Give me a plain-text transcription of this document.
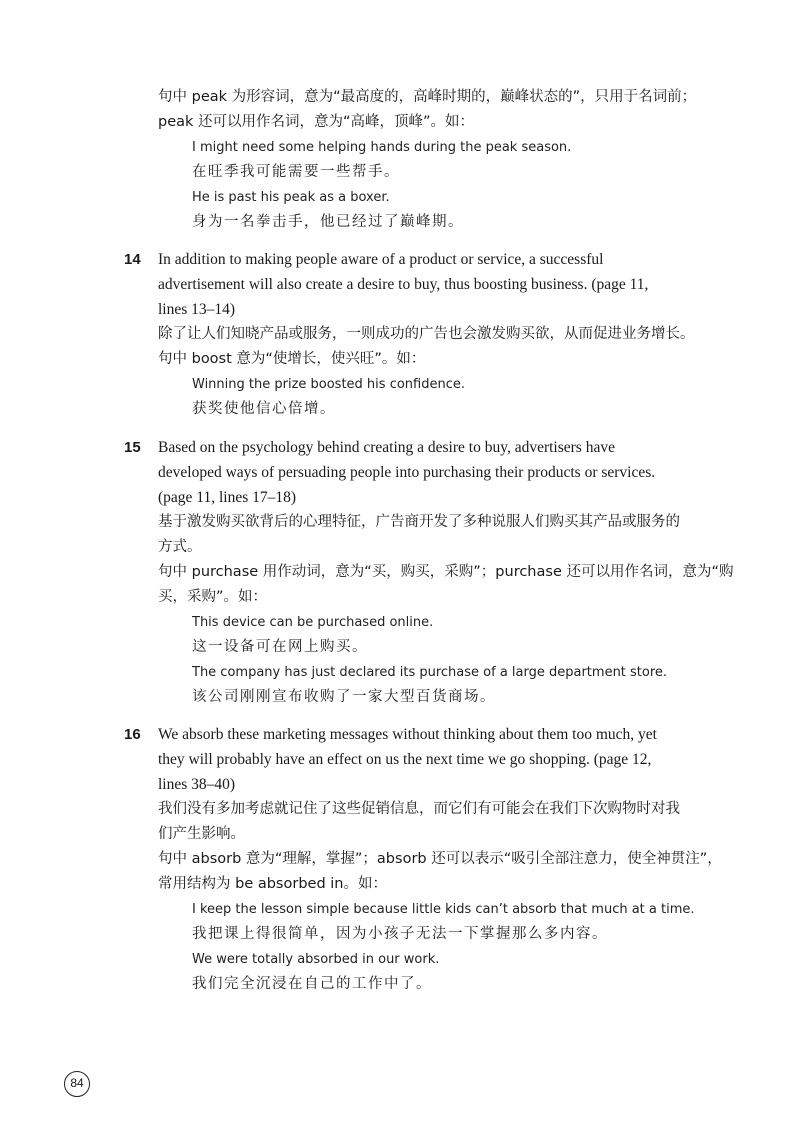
句中 peak 为形容词，意为“最高度的，高峰时期的，巅峰状态的”，只用于名词前；
peak 还可以用作名词，意为“高峰，顶峰”。如：
I might need some helping hands during the peak season.
在旺季我可能需要一些帮手。
He is past his peak as a boxer.
身为一名拳击手，他已经过了巅峰期。
14 In addition to making people aware of a product or service, a successful
advertisement will also create a desire to buy, thus boosting business. (page 11,
lines 13–14)
除了让人们知晓产品或服务，一则成功的广告也会激发购买欲，从而促进业务增长。
句中 boost 意为“使增长，使兴旺”。如：
Winning the prize boosted his confidence.
获奖使他信心倍增。
15 Based on the psychology behind creating a desire to buy, advertisers have
developed ways of persuading people into purchasing their products or services.
(page 11, lines 17–18)
基于激发购买欲背后的心理特征，广告商开发了多种说服人们购买其产品或服务的
方式。
句中 purchase 用作动词，意为“买，购买，采购”；purchase 还可以用作名词，意为“购
买，采购”。如：
This device can be purchased online.
这一设备可在网上购买。
The company has just declared its purchase of a large department store.
该公司刚刚宣布收购了一家大型百货商场。
16 We absorb these marketing messages without thinking about them too much, yet
they will probably have an effect on us the next time we go shopping. (page 12,
lines 38–40)
我们没有多加考虑就记住了这些促销信息，而它们有可能会在我们下次购物时对我
们产生影响。
句中 absorb 意为“理解，掌握”；absorb 还可以表示“吸引全部注意力，使全神贯注”，
常用结构为 be absorbed in。如：
I keep the lesson simple because little kids can’t absorb that much at a time.
我把课上得很简单，因为小孩子无法一下掌握那么多内容。
We were totally absorbed in our work.
我们完全沉浸在自己的工作中了。
84
